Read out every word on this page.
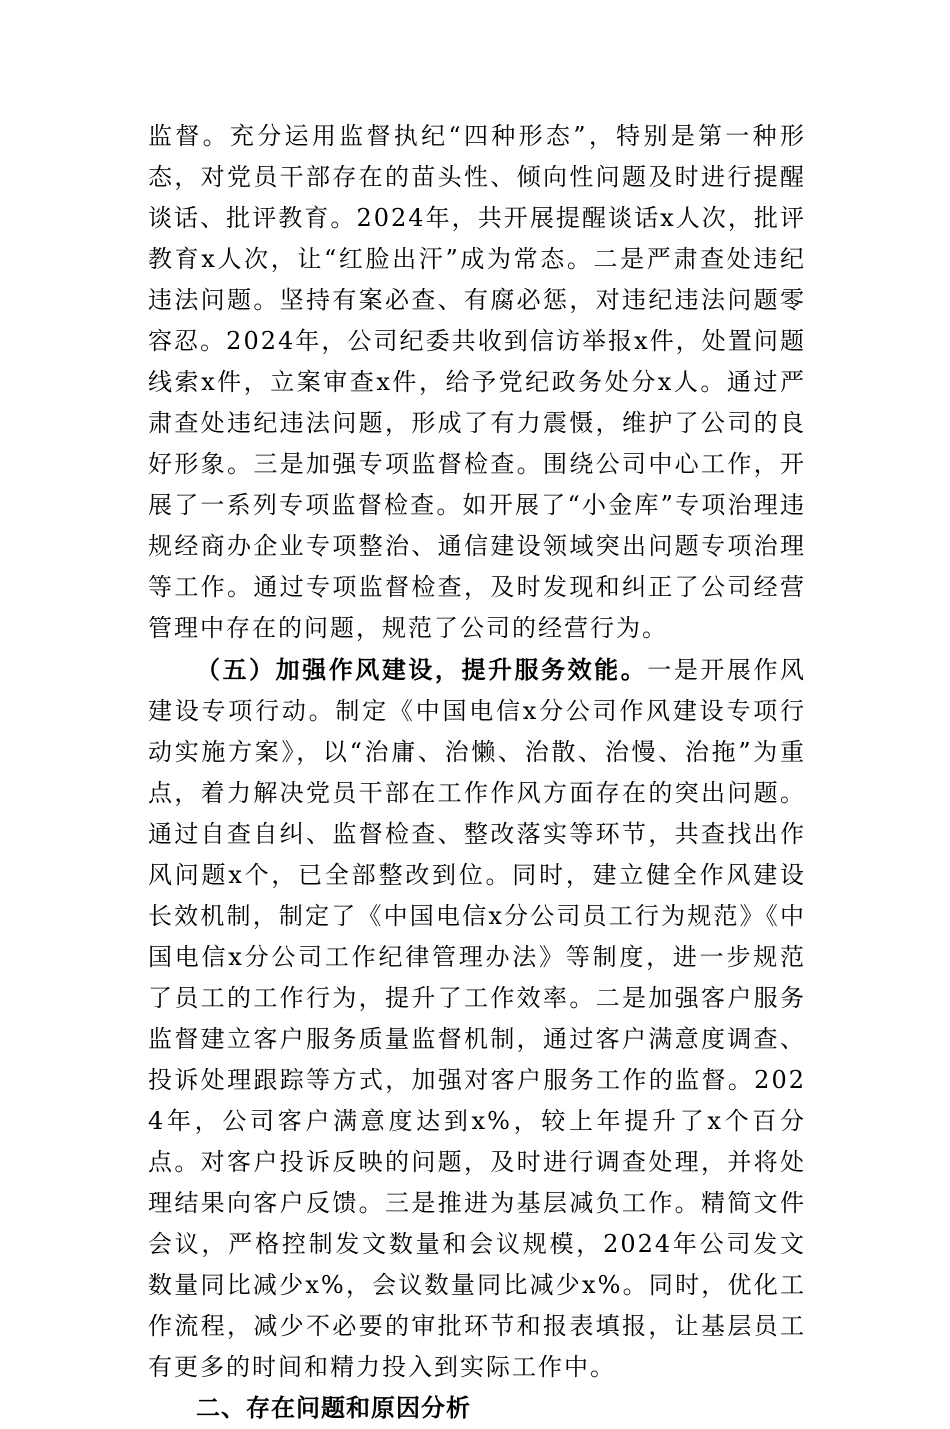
监督。充分运用监督执纪“四种形态”，特别是第一种形态，对党员干部存在的苗头性、倾向性问题及时进行提醒谈话、批评教育。2024年，共开展提醒谈话x人次，批评教育x人次，让“红脸出汗”成为常态。二是严肃查处违纪违法问题。坚持有案必查、有腐必惩，对违纪违法问题零容忍。2024年，公司纪委共收到信访举报x件，处置问题线索x件，立案审查x件，给予党纪政务处分x人。通过严肃查处违纪违法问题，形成了有力震慑，维护了公司的良好形象。三是加强专项监督检查。围绕公司中心工作，开展了一系列专项监督检查。如开展了“小金库”专项治理违规经商办企业专项整治、通信建设领域突出问题专项治理等工作。通过专项监督检查，及时发现和纠正了公司经营管理中存在的问题，规范了公司的经营行为。

（五）加强作风建设，提升服务效能。一是开展作风建设专项行动。制定《中国电信x分公司作风建设专项行动实施方案》，以“治庸、治懒、治散、治慢、治拖”为重点，着力解决党员干部在工作作风方面存在的突出问题。通过自查自纠、监督检查、整改落实等环节，共查找出作风问题x个，已全部整改到位。同时，建立健全作风建设长效机制，制定了《中国电信x分公司员工行为规范》《中国电信x分公司工作纪律管理办法》等制度，进一步规范了员工的工作行为，提升了工作效率。二是加强客户服务监督建立客户服务质量监督机制，通过客户满意度调查、投诉处理跟踪等方式，加强对客户服务工作的监督。2024年，公司客户满意度达到x%，较上年提升了x个百分点。对客户投诉反映的问题，及时进行调查处理，并将处理结果向客户反馈。三是推进为基层减负工作。精简文件会议，严格控制发文数量和会议规模，2024年公司发文数量同比减少x%，会议数量同比减少x%。同时，优化工作流程，减少不必要的审批环节和报表填报，让基层员工有更多的时间和精力投入到实际工作中。

二、存在问题和原因分析
